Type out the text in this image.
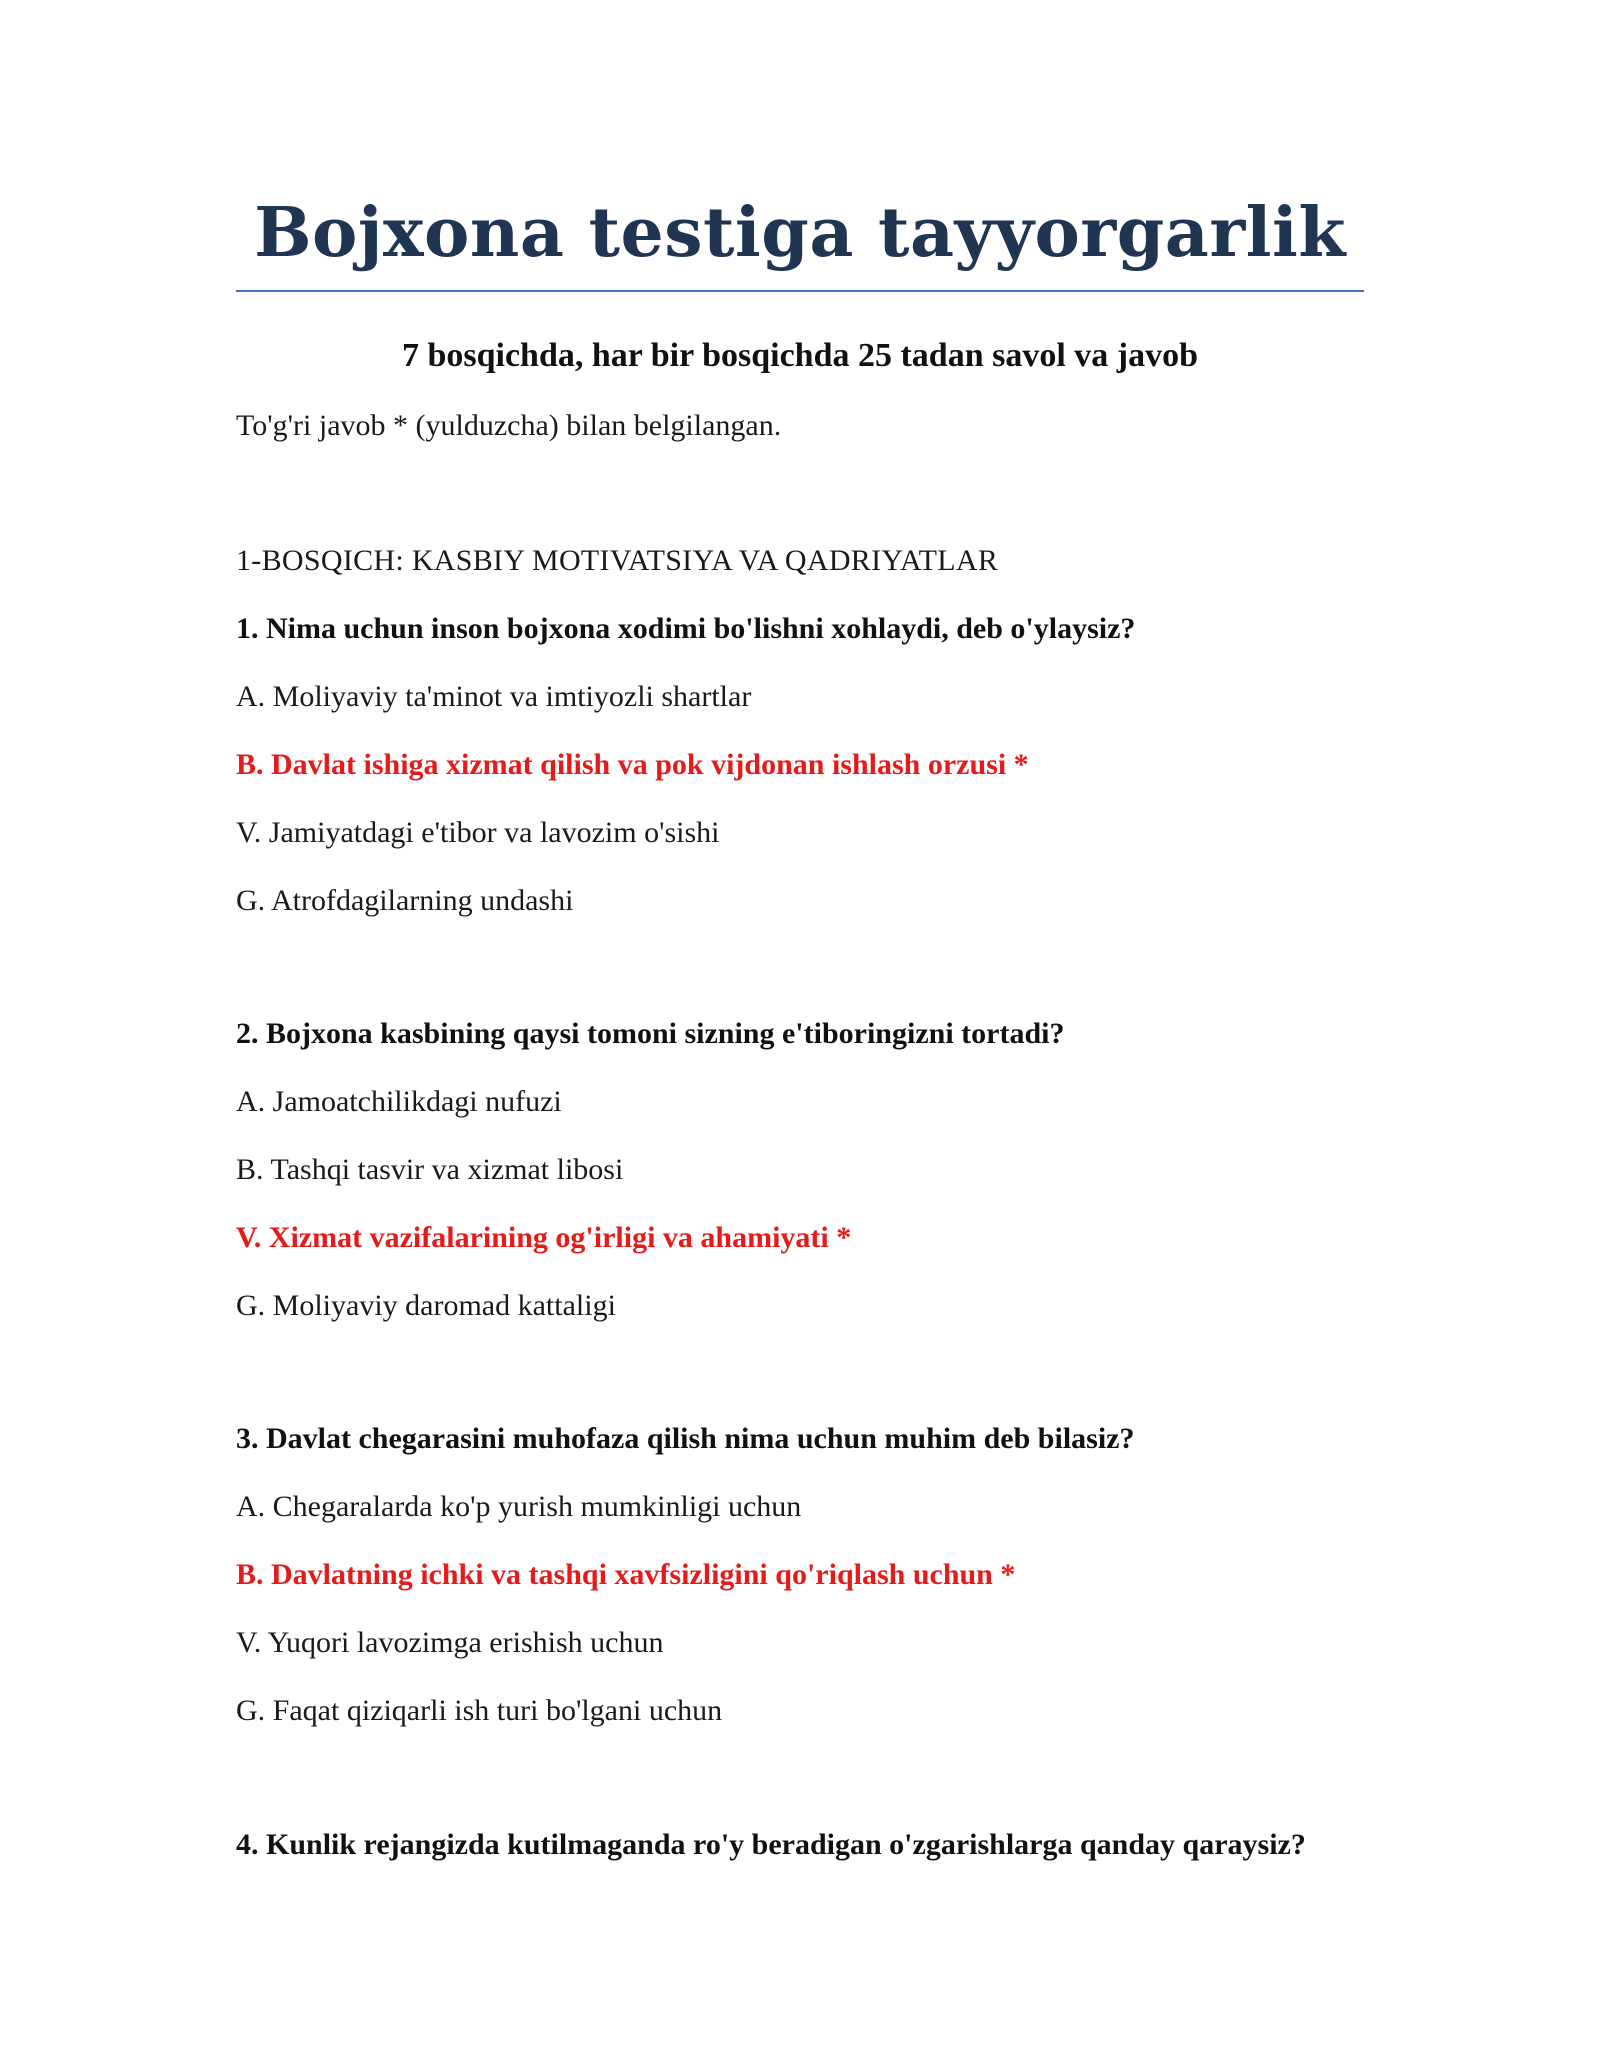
Bojxona testiga tayyorgarlik
7 bosqichda, har bir bosqichda 25 tadan savol va javob

To'g'ri javob * (yulduzcha) bilan belgilangan.

1-BOSQICH: KASBIY MOTIVATSIYA VA QADRIYATLAR

1. Nima uchun inson bojxona xodimi bo'lishni xohlaydi, deb o'ylaysiz?

A. Moliyaviy ta'minot va imtiyozli shartlar
B. Davlat ishiga xizmat qilish va pok vijdonan ishlash orzusi *
V. Jamiyatdagi e'tibor va lavozim o'sishi
G. Atrofdagilarning undashi

2. Bojxona kasbining qaysi tomoni sizning e'tiboringizni tortadi?

A. Jamoatchilikdagi nufuzi
B. Tashqi tasvir va xizmat libosi
V. Xizmat vazifalarining og'irligi va ahamiyati *
G. Moliyaviy daromad kattaligi

3. Davlat chegarasini muhofaza qilish nima uchun muhim deb bilasiz?

A. Chegaralarda ko'p yurish mumkinligi uchun
B. Davlatning ichki va tashqi xavfsizligini qo'riqlash uchun *
V. Yuqori lavozimga erishish uchun
G. Faqat qiziqarli ish turi bo'lgani uchun

4. Kunlik rejangizda kutilmaganda ro'y beradigan o'zgarishlarga qanday qaraysiz?
